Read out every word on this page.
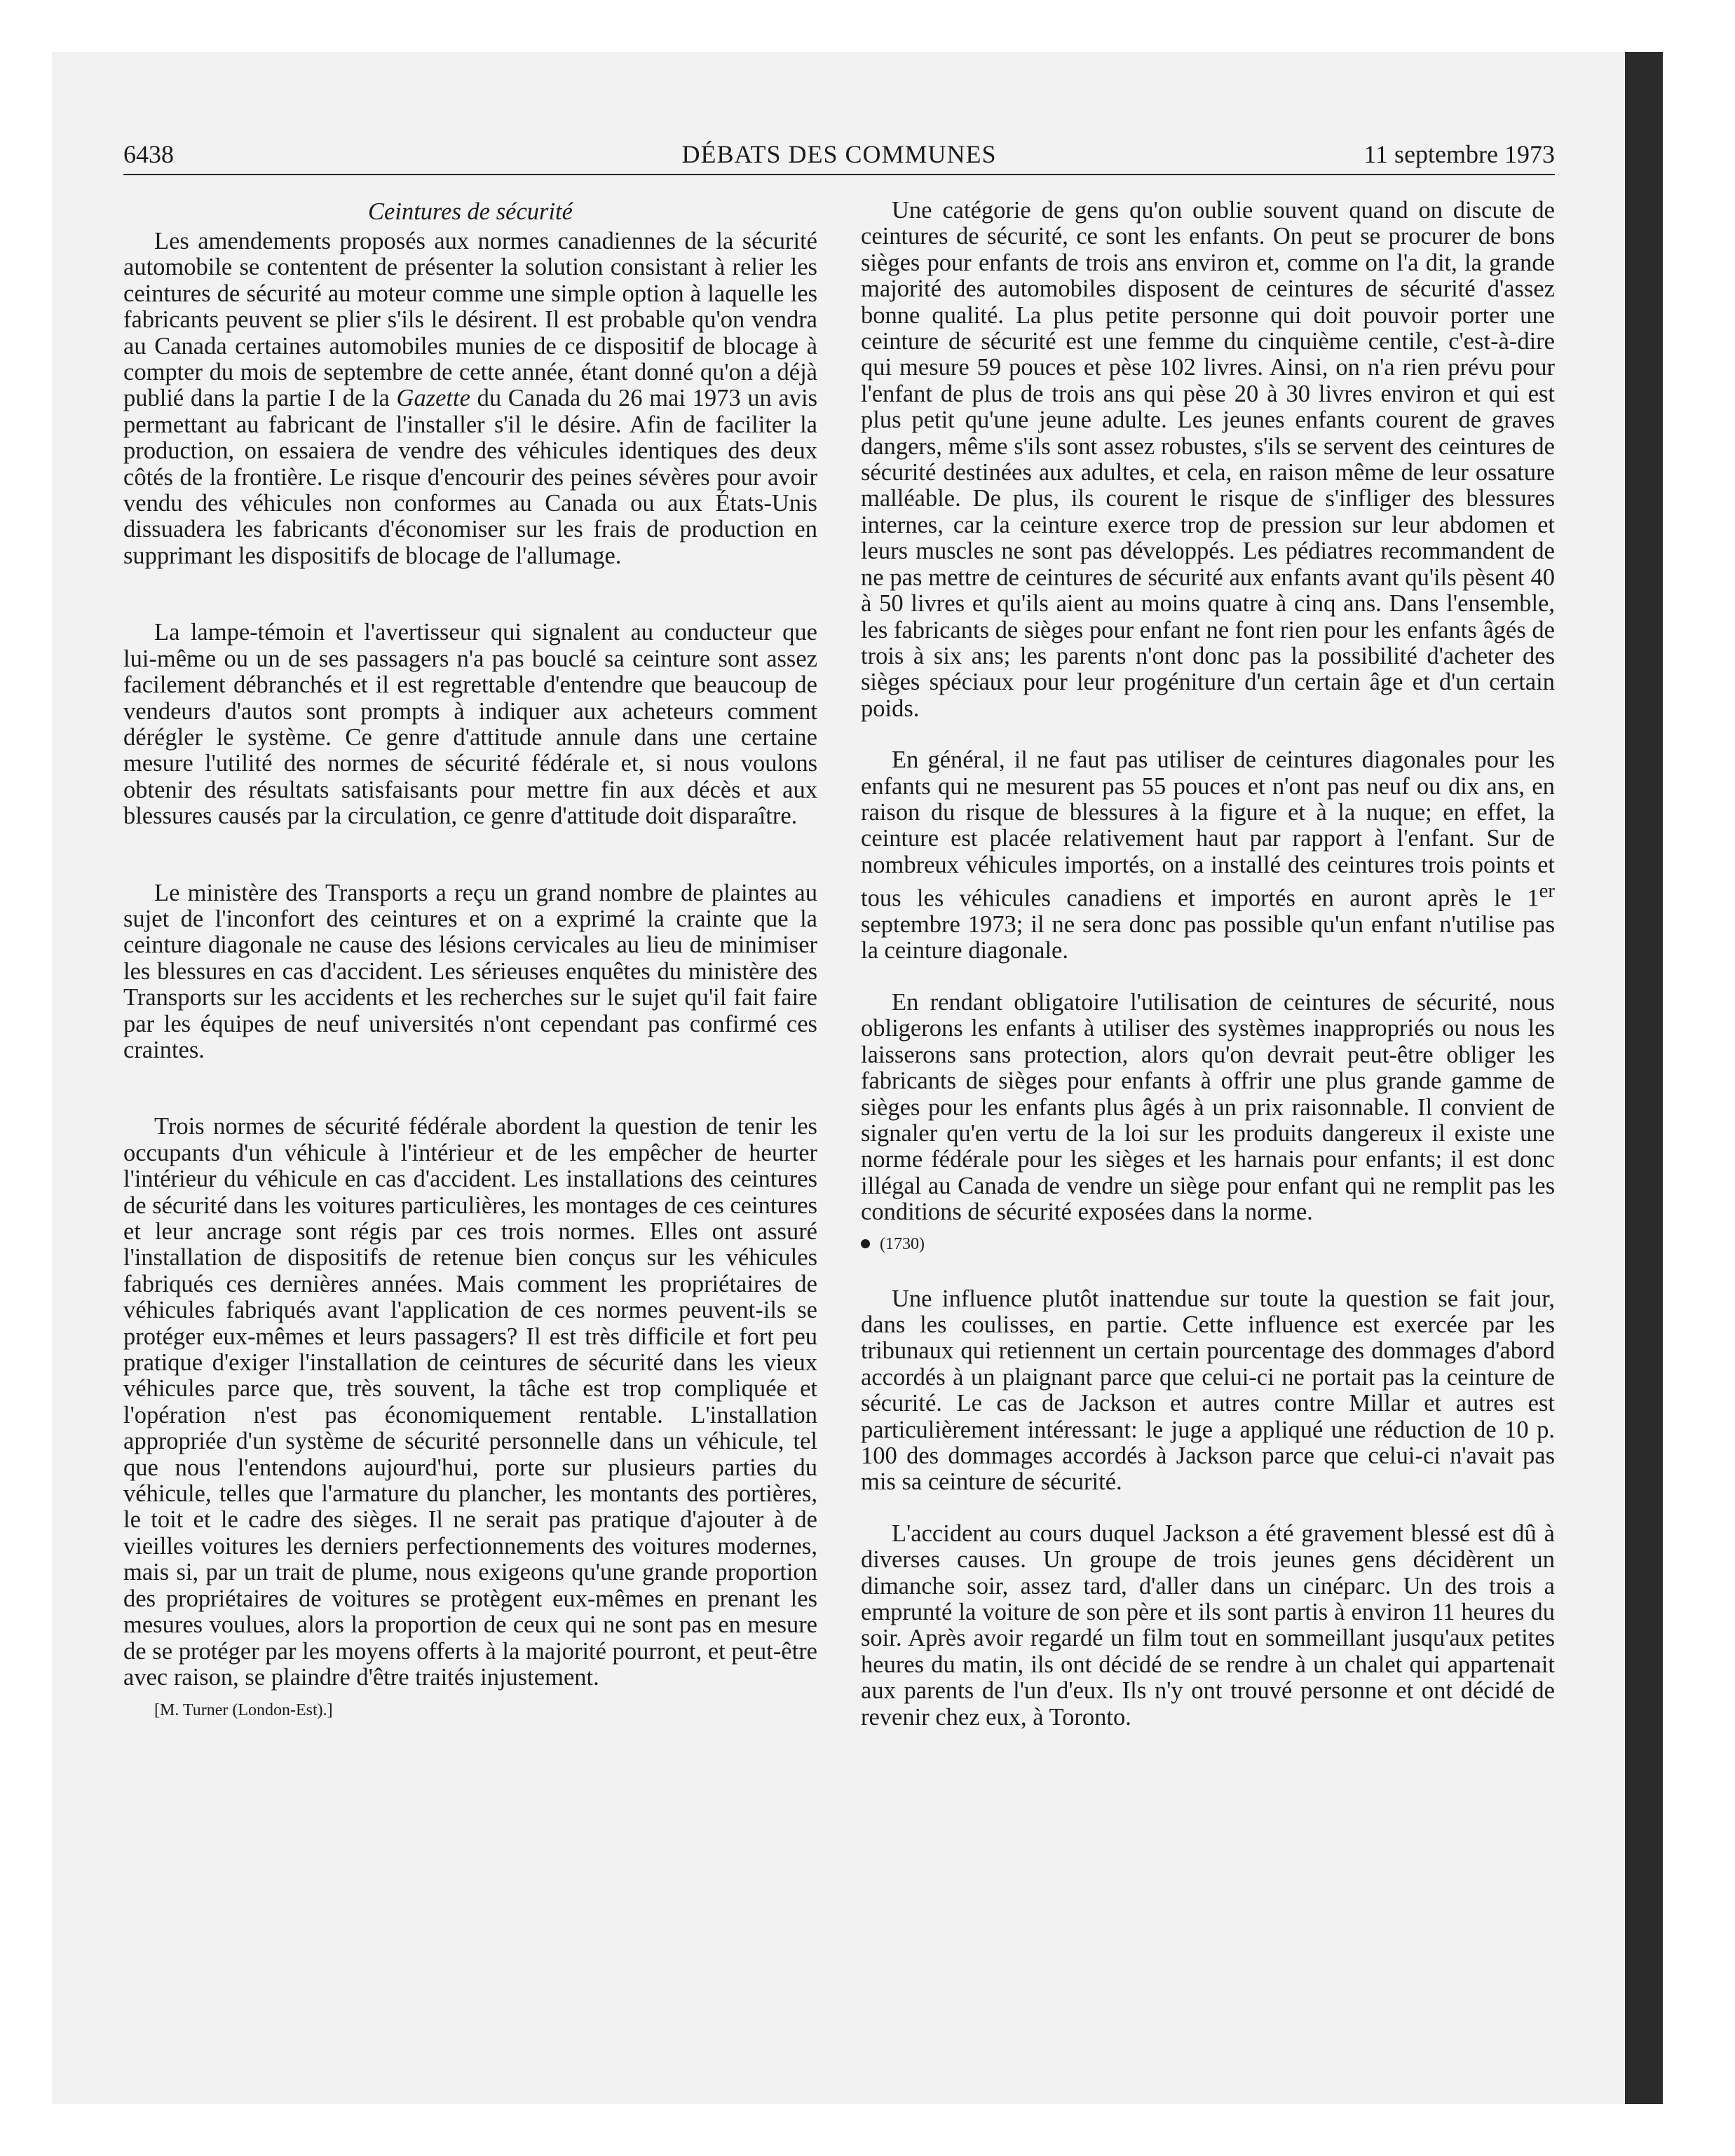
6438	DÉBATS DES COMMUNES	11 septembre 1973
Ceintures de sécurité

Les amendements proposés aux normes canadiennes de la sécurité automobile se contentent de présenter la solution consistant à relier les ceintures de sécurité au moteur comme une simple option à laquelle les fabricants peuvent se plier s'ils le désirent. Il est probable qu'on vendra au Canada certaines automobiles munies de ce dispositif de blocage à compter du mois de septembre de cette année, étant donné qu'on a déjà publié dans la partie I de la Gazette du Canada du 26 mai 1973 un avis permettant au fabricant de l'installer s'il le désire. Afin de faciliter la production, on essaiera de vendre des véhicules identiques des deux côtés de la frontière. Le risque d'encourir des peines sévères pour avoir vendu des véhicules non conformes au Canada ou aux États-Unis dissuadera les fabricants d'économiser sur les frais de production en supprimant les dispositifs de blocage de l'allumage.

La lampe-témoin et l'avertisseur qui signalent au conducteur que lui-même ou un de ses passagers n'a pas bouclé sa ceinture sont assez facilement débranchés et il est regrettable d'entendre que beaucoup de vendeurs d'autos sont prompts à indiquer aux acheteurs comment dérégler le système. Ce genre d'attitude annule dans une certaine mesure l'utilité des normes de sécurité fédérale et, si nous voulons obtenir des résultats satisfaisants pour mettre fin aux décès et aux blessures causés par la circulation, ce genre d'attitude doit disparaître.

Le ministère des Transports a reçu un grand nombre de plaintes au sujet de l'inconfort des ceintures et on a exprimé la crainte que la ceinture diagonale ne cause des lésions cervicales au lieu de minimiser les blessures en cas d'accident. Les sérieuses enquêtes du ministère des Transports sur les accidents et les recherches sur le sujet qu'il fait faire par les équipes de neuf universités n'ont cependant pas confirmé ces craintes.

Trois normes de sécurité fédérale abordent la question de tenir les occupants d'un véhicule à l'intérieur et de les empêcher de heurter l'intérieur du véhicule en cas d'accident. Les installations des ceintures de sécurité dans les voitures particulières, les montages de ces ceintures et leur ancrage sont régis par ces trois normes. Elles ont assuré l'installation de dispositifs de retenue bien conçus sur les véhicules fabriqués ces dernières années. Mais comment les propriétaires de véhicules fabriqués avant l'application de ces normes peuvent-ils se protéger eux-mêmes et leurs passagers? Il est très difficile et fort peu pratique d'exiger l'installation de ceintures de sécurité dans les vieux véhicules parce que, très souvent, la tâche est trop compliquée et l'opération n'est pas économiquement rentable. L'installation appropriée d'un système de sécurité personnelle dans un véhicule, tel que nous l'entendons aujourd'hui, porte sur plusieurs parties du véhicule, telles que l'armature du plancher, les montants des portières, le toit et le cadre des sièges. Il ne serait pas pratique d'ajouter à de vieilles voitures les derniers perfectionnements des voitures modernes, mais si, par un trait de plume, nous exigeons qu'une grande proportion des propriétaires de voitures se protègent eux-mêmes en prenant les mesures voulues, alors la proportion de ceux qui ne sont pas en mesure de se protéger par les moyens offerts à la majorité pourront, et peut-être avec raison, se plaindre d'être traités injustement.

[M. Turner (London-Est).]

Une catégorie de gens qu'on oublie souvent quand on discute de ceintures de sécurité, ce sont les enfants. On peut se procurer de bons sièges pour enfants de trois ans environ et, comme on l'a dit, la grande majorité des automobiles disposent de ceintures de sécurité d'assez bonne qualité. La plus petite personne qui doit pouvoir porter une ceinture de sécurité est une femme du cinquième centile, c'est-à-dire qui mesure 59 pouces et pèse 102 livres. Ainsi, on n'a rien prévu pour l'enfant de plus de trois ans qui pèse 20 à 30 livres environ et qui est plus petit qu'une jeune adulte. Les jeunes enfants courent de graves dangers, même s'ils sont assez robustes, s'ils se servent des ceintures de sécurité destinées aux adultes, et cela, en raison même de leur ossature malléable. De plus, ils courent le risque de s'infliger des blessures internes, car la ceinture exerce trop de pression sur leur abdomen et leurs muscles ne sont pas développés. Les pédiatres recommandent de ne pas mettre de ceintures de sécurité aux enfants avant qu'ils pèsent 40 à 50 livres et qu'ils aient au moins quatre à cinq ans. Dans l'ensemble, les fabricants de sièges pour enfant ne font rien pour les enfants âgés de trois à six ans; les parents n'ont donc pas la possibilité d'acheter des sièges spéciaux pour leur progéniture d'un certain âge et d'un certain poids.

En général, il ne faut pas utiliser de ceintures diagonales pour les enfants qui ne mesurent pas 55 pouces et n'ont pas neuf ou dix ans, en raison du risque de blessures à la figure et à la nuque; en effet, la ceinture est placée relativement haut par rapport à l'enfant. Sur de nombreux véhicules importés, on a installé des ceintures trois points et tous les véhicules canadiens et importés en auront après le 1er septembre 1973; il ne sera donc pas possible qu'un enfant n'utilise pas la ceinture diagonale.

En rendant obligatoire l'utilisation de ceintures de sécurité, nous obligerons les enfants à utiliser des systèmes inappropriés ou nous les laisserons sans protection, alors qu'on devrait peut-être obliger les fabricants de sièges pour enfants à offrir une plus grande gamme de sièges pour les enfants plus âgés à un prix raisonnable. Il convient de signaler qu'en vertu de la loi sur les produits dangereux il existe une norme fédérale pour les sièges et les harnais pour enfants; il est donc illégal au Canada de vendre un siège pour enfant qui ne remplit pas les conditions de sécurité exposées dans la norme.

(1730)

Une influence plutôt inattendue sur toute la question se fait jour, dans les coulisses, en partie. Cette influence est exercée par les tribunaux qui retiennent un certain pourcentage des dommages d'abord accordés à un plaignant parce que celui-ci ne portait pas la ceinture de sécurité. Le cas de Jackson et autres contre Millar et autres est particulièrement intéressant: le juge a appliqué une réduction de 10 p. 100 des dommages accordés à Jackson parce que celui-ci n'avait pas mis sa ceinture de sécurité.

L'accident au cours duquel Jackson a été gravement blessé est dû à diverses causes. Un groupe de trois jeunes gens décidèrent un dimanche soir, assez tard, d'aller dans un cinéparc. Un des trois a emprunté la voiture de son père et ils sont partis à environ 11 heures du soir. Après avoir regardé un film tout en sommeillant jusqu'aux petites heures du matin, ils ont décidé de se rendre à un chalet qui appartenait aux parents de l'un d'eux. Ils n'y ont trouvé personne et ont décidé de revenir chez eux, à Toronto.
